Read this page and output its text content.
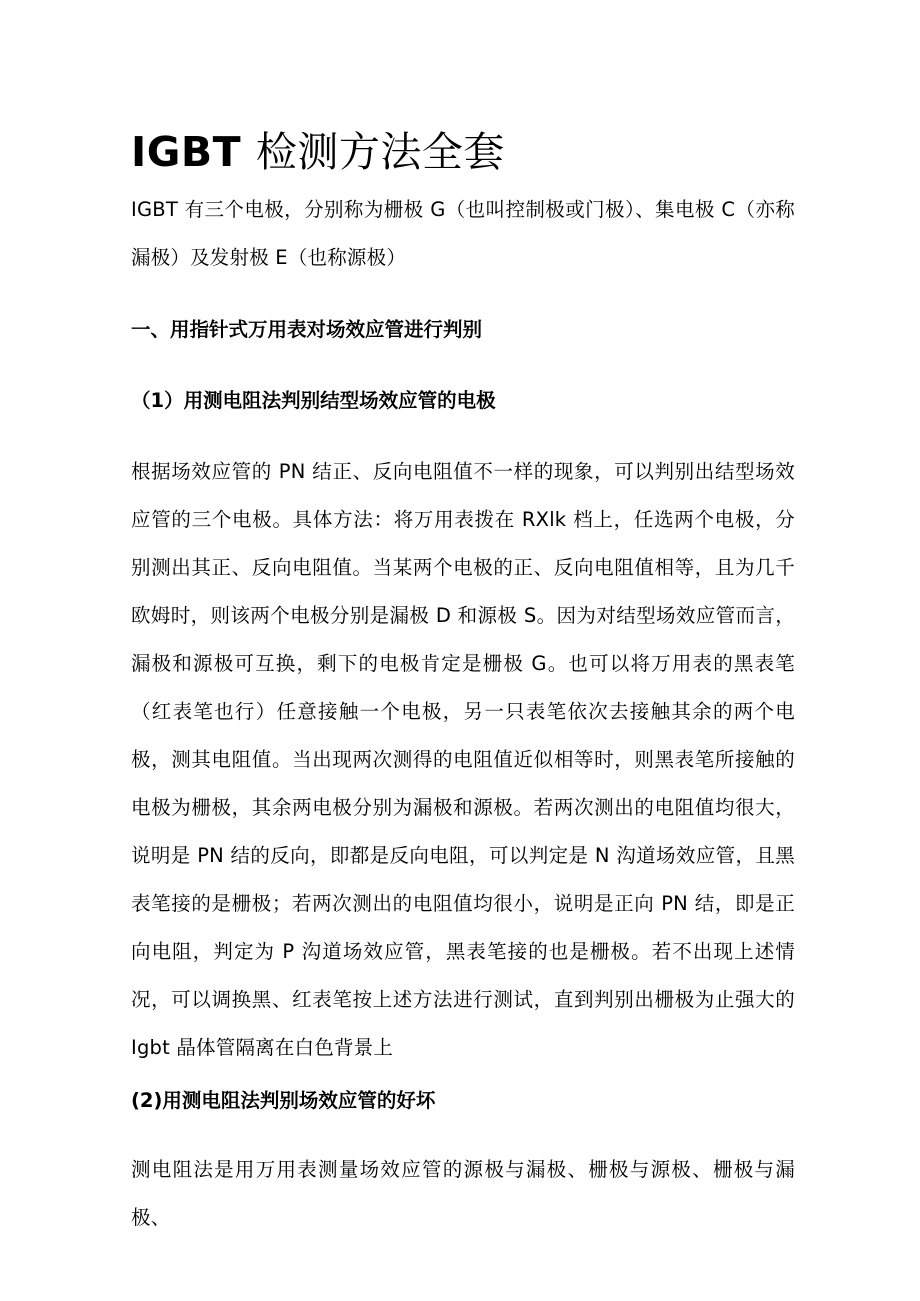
IGBT 检测方法全套

IGBT 有三个电极，分别称为栅极 G（也叫控制极或门极）、集电极 C（亦称漏极）及发射极 E（也称源极）

一、用指针式万用表对场效应管进行判别
（1）用测电阻法判别结型场效应管的电极

根据场效应管的 PN 结正、反向电阻值不一样的现象，可以判别出结型场效应管的三个电极。具体方法：将万用表拨在 RXlk 档上，任选两个电极，分别测出其正、反向电阻值。当某两个电极的正、反向电阻值相等，且为几千欧姆时，则该两个电极分别是漏极 D 和源极 S。因为对结型场效应管而言，漏极和源极可互换，剩下的电极肯定是栅极 G。也可以将万用表的黑表笔（红表笔也行）任意接触一个电极，另一只表笔依次去接触其余的两个电极，测其电阻值。当出现两次测得的电阻值近似相等时，则黑表笔所接触的电极为栅极，其余两电极分别为漏极和源极。若两次测出的电阻值均很大，说明是 PN 结的反向，即都是反向电阻，可以判定是 N 沟道场效应管，且黑表笔接的是栅极；若两次测出的电阻值均很小，说明是正向 PN 结，即是正向电阻，判定为 P 沟道场效应管，黑表笔接的也是栅极。若不出现上述情况，可以调换黑、红表笔按上述方法进行测试，直到判别出栅极为止强大的 Igbt 晶体管隔离在白色背景上

(2)用测电阻法判别场效应管的好坏

测电阻法是用万用表测量场效应管的源极与漏极、栅极与源极、栅极与漏极、
